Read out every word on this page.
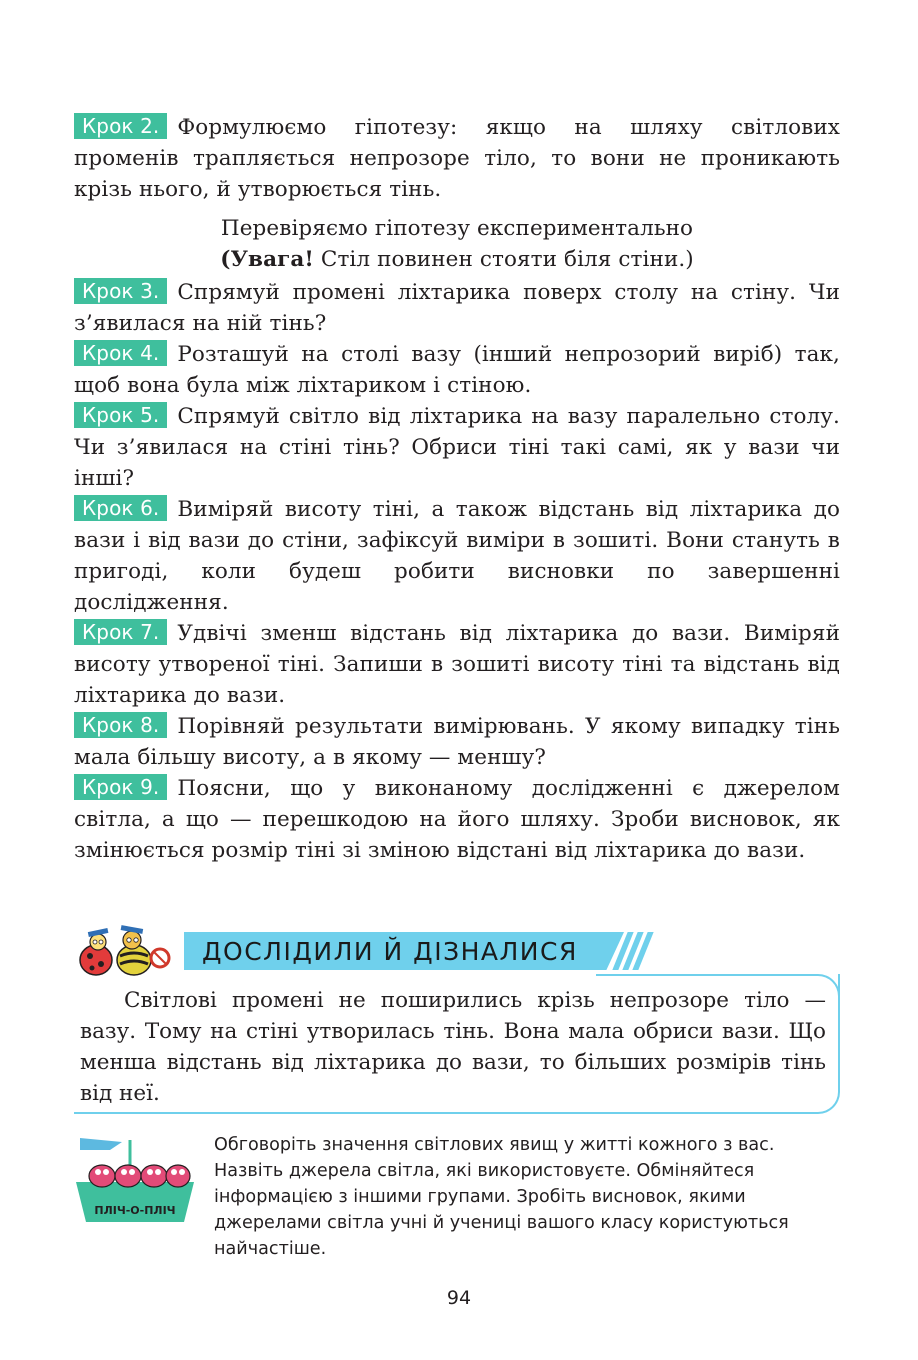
Крок 2. Формулюємо гіпотезу: якщо на шляху світлових променів трапляється непрозоре тіло, то вони не проникають крізь нього, й утворюється тінь.

Перевіряємо гіпотезу експериментально
(Увага! Стіл повинен стояти біля стіни.)

Крок 3. Спрямуй промені ліхтарика поверх столу на стіну. Чи з’явилася на ній тінь?

Крок 4. Розташуй на столі вазу (інший непрозорий виріб) так, щоб вона була між ліхтариком і стіною.

Крок 5. Спрямуй світло від ліхтарика на вазу паралельно столу. Чи з’явилася на стіні тінь? Обриси тіні такі самі, як у вази чи інші?

Крок 6. Виміряй висоту тіні, а також відстань від ліхтарика до вази і від вази до стіни, зафіксуй виміри в зошиті. Вони стануть в пригоді, коли будеш робити висновки по завершенні дослідження.

Крок 7. Удвічі зменш відстань від ліхтарика до вази. Виміряй висоту утвореної тіні. Запиши в зошиті висоту тіні та відстань від ліхтарика до вази.

Крок 8. Порівняй результати вимірювань. У якому випадку тінь мала більшу висоту, а в якому — меншу?

Крок 9. Поясни, що у виконаному дослідженні є джерелом світла, а що — перешкодою на його шляху. Зроби висновок, як змінюється розмір тіні зі зміною відстані від ліхтарика до вази.

ДОСЛІДИЛИ Й ДІЗНАЛИСЯ

Світлові промені не поширились крізь непрозоре тіло — вазу. Тому на стіні утворилась тінь. Вона мала обриси вази. Що менша відстань від ліхтарика до вази, то більших розмірів тінь від неї.

ПЛІЧ-О-ПЛІЧ
Обговоріть значення світлових явищ у житті кожного з вас. Назвіть джерела світла, які використовуєте. Обміняйтеся інформацією з іншими групами. Зробіть висновок, якими джерелами світла учні й учениці вашого класу користуються найчастіше.
94
